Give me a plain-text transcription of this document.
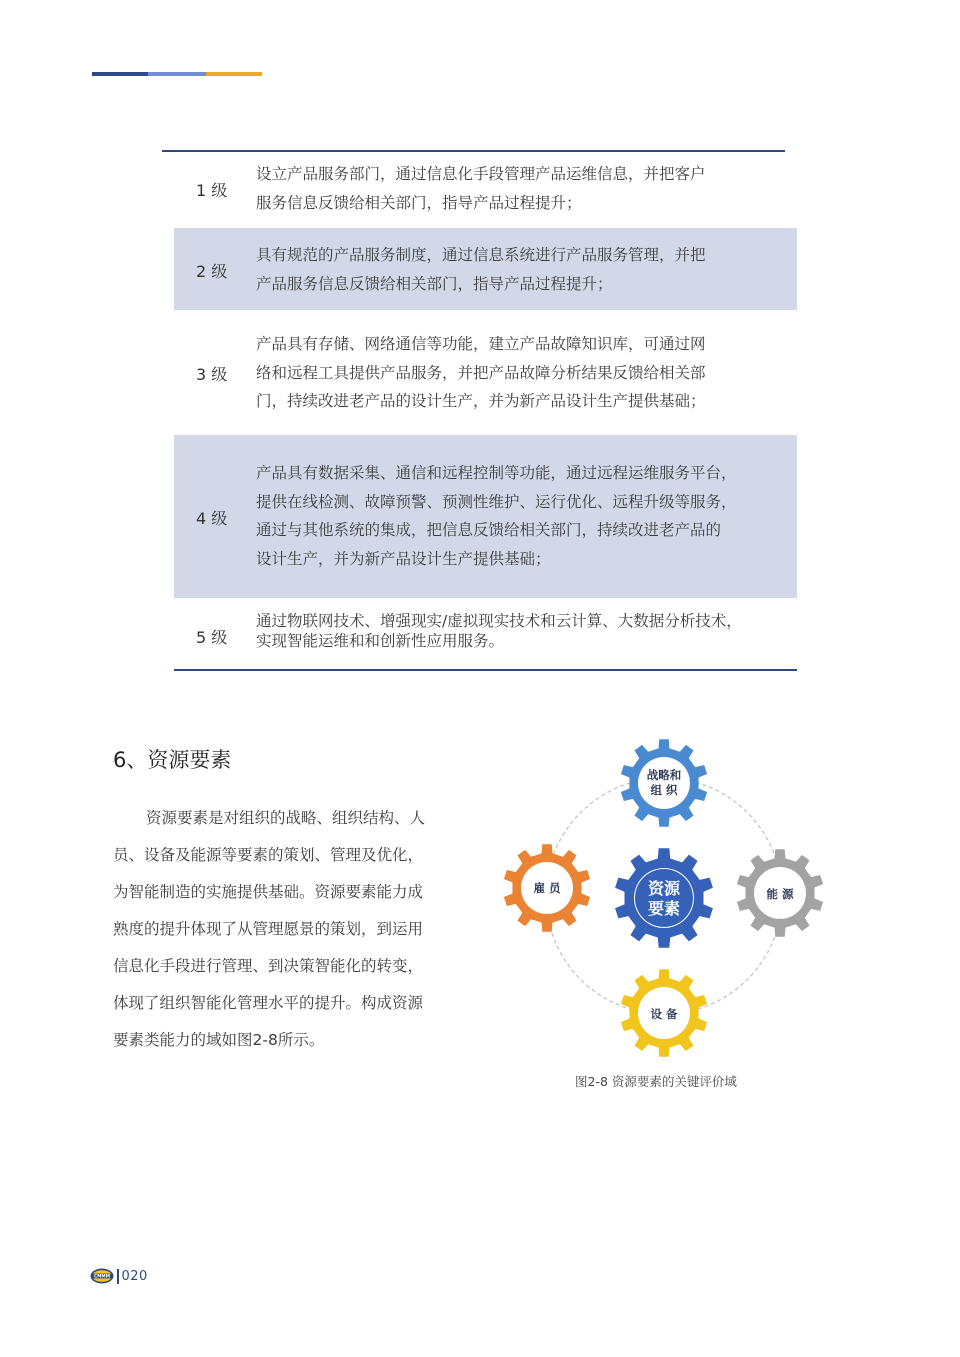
1 级

设立产品服务部门，通过信息化手段管理产品运维信息，并把客户
服务信息反馈给相关部门，指导产品过程提升；

2 级

具有规范的产品服务制度，通过信息系统进行产品服务管理，并把
产品服务信息反馈给相关部门，指导产品过程提升；

3 级

产品具有存储、网络通信等功能，建立产品故障知识库，可通过网
络和远程工具提供产品服务，并把产品故障分析结果反馈给相关部
门，持续改进老产品的设计生产，并为新产品设计生产提供基础；

4 级

产品具有数据采集、通信和远程控制等功能，通过远程运维服务平台，
提供在线检测、故障预警、预测性维护、运行优化、远程升级等服务，
通过与其他系统的集成，把信息反馈给相关部门，持续改进老产品的
设计生产，并为新产品设计生产提供基础；

5 级

通过物联网技术、增强现实/虚拟现实技术和云计算、大数据分析技术，
实现智能运维和和创新性应用服务。

6、资源要素

资源要素是对组织的战略、组织结构、人
员、设备及能源等要素的策划、管理及优化，
为智能制造的实施提供基础。资源要素能力成
熟度的提升体现了从管理愿景的策划，到运用
信息化手段进行管理、到决策智能化的转变，
体现了组织智能化管理水平的提升。构成资源
要素类能力的域如图2-8所示。

资源
要素
战略和
组 织
雇 员	能 源
设 备
图2-8 资源要素的关键评价域
CMMM 020
